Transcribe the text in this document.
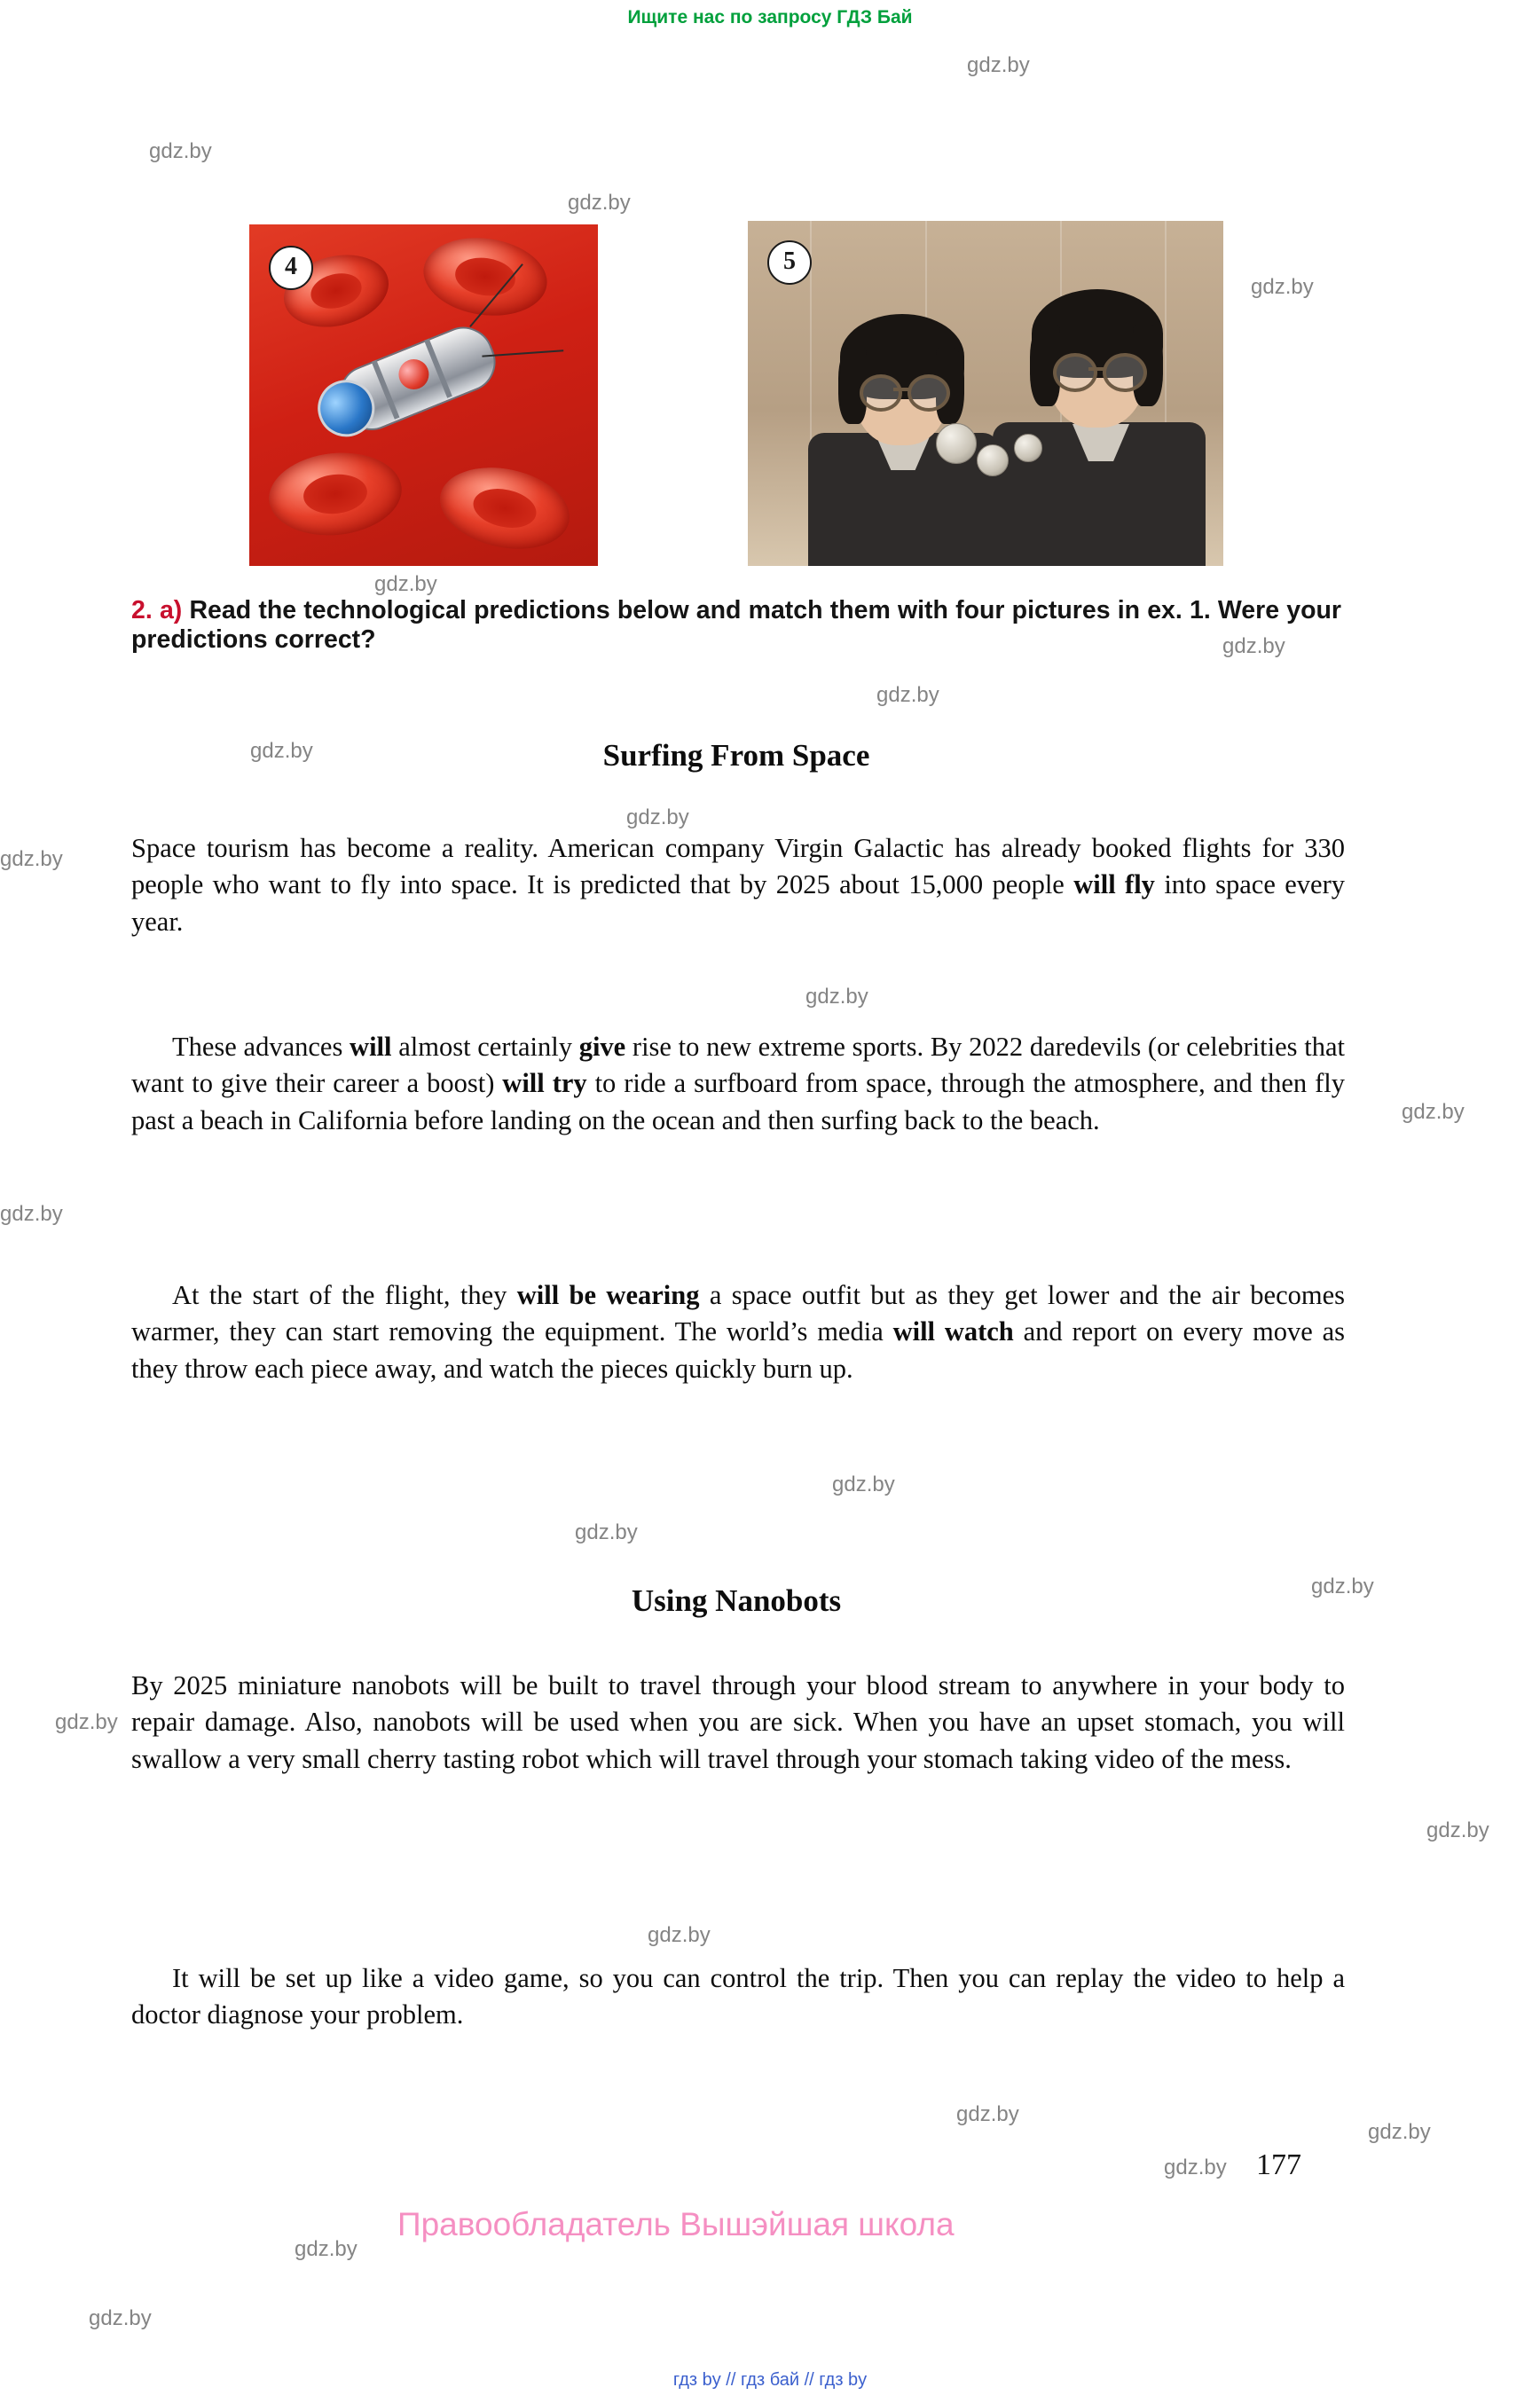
Ищите нас по запросу ГДЗ Бай
4	5
2. a) Read the technological predictions below and match them with four pictures in ex. 1. Were your predictions correct?
Surfing From Space
Space tourism has become a reality. American company Virgin Galactic has already booked flights for 330 people who want to fly into space. It is predicted that by 2025 about 15,000 people will fly into space every year.
These advances will almost certainly give rise to new extreme sports. By 2022 daredevils (or celebrities that want to give their career a boost) will try to ride a surfboard from space, through the atmosphere, and then fly past a beach in California before landing on the ocean and then surfing back to the beach.
At the start of the flight, they will be wearing a space outfit but as they get lower and the air becomes warmer, they can start removing the equipment. The world’s media will watch and report on every move as they throw each piece away, and watch the pieces quickly burn up.
Using Nanobots
By 2025 miniature nanobots will be built to travel through your blood stream to anywhere in your body to repair damage. Also, nanobots will be used when you are sick. When you have an upset stomach, you will swallow a very small cherry tasting robot which will travel through your stomach taking video of the mess.
It will be set up like a video game, so you can control the trip. Then you can replay the video to help a doctor diagnose your problem.
177
Правообладатель Вышэйшая школа
гдз by // гдз бай // гдз by
gdz.by
gdz.by
gdz.by
gdz.by
gdz.by
gdz.by
gdz.by
gdz.by
gdz.by
gdz.by
gdz.by
gdz.by
gdz.by
gdz.by
gdz.by
gdz.by
gdz.by
gdz.by
gdz.by
gdz.by
gdz.by
gdz.by
gdz.by
gdz.by
